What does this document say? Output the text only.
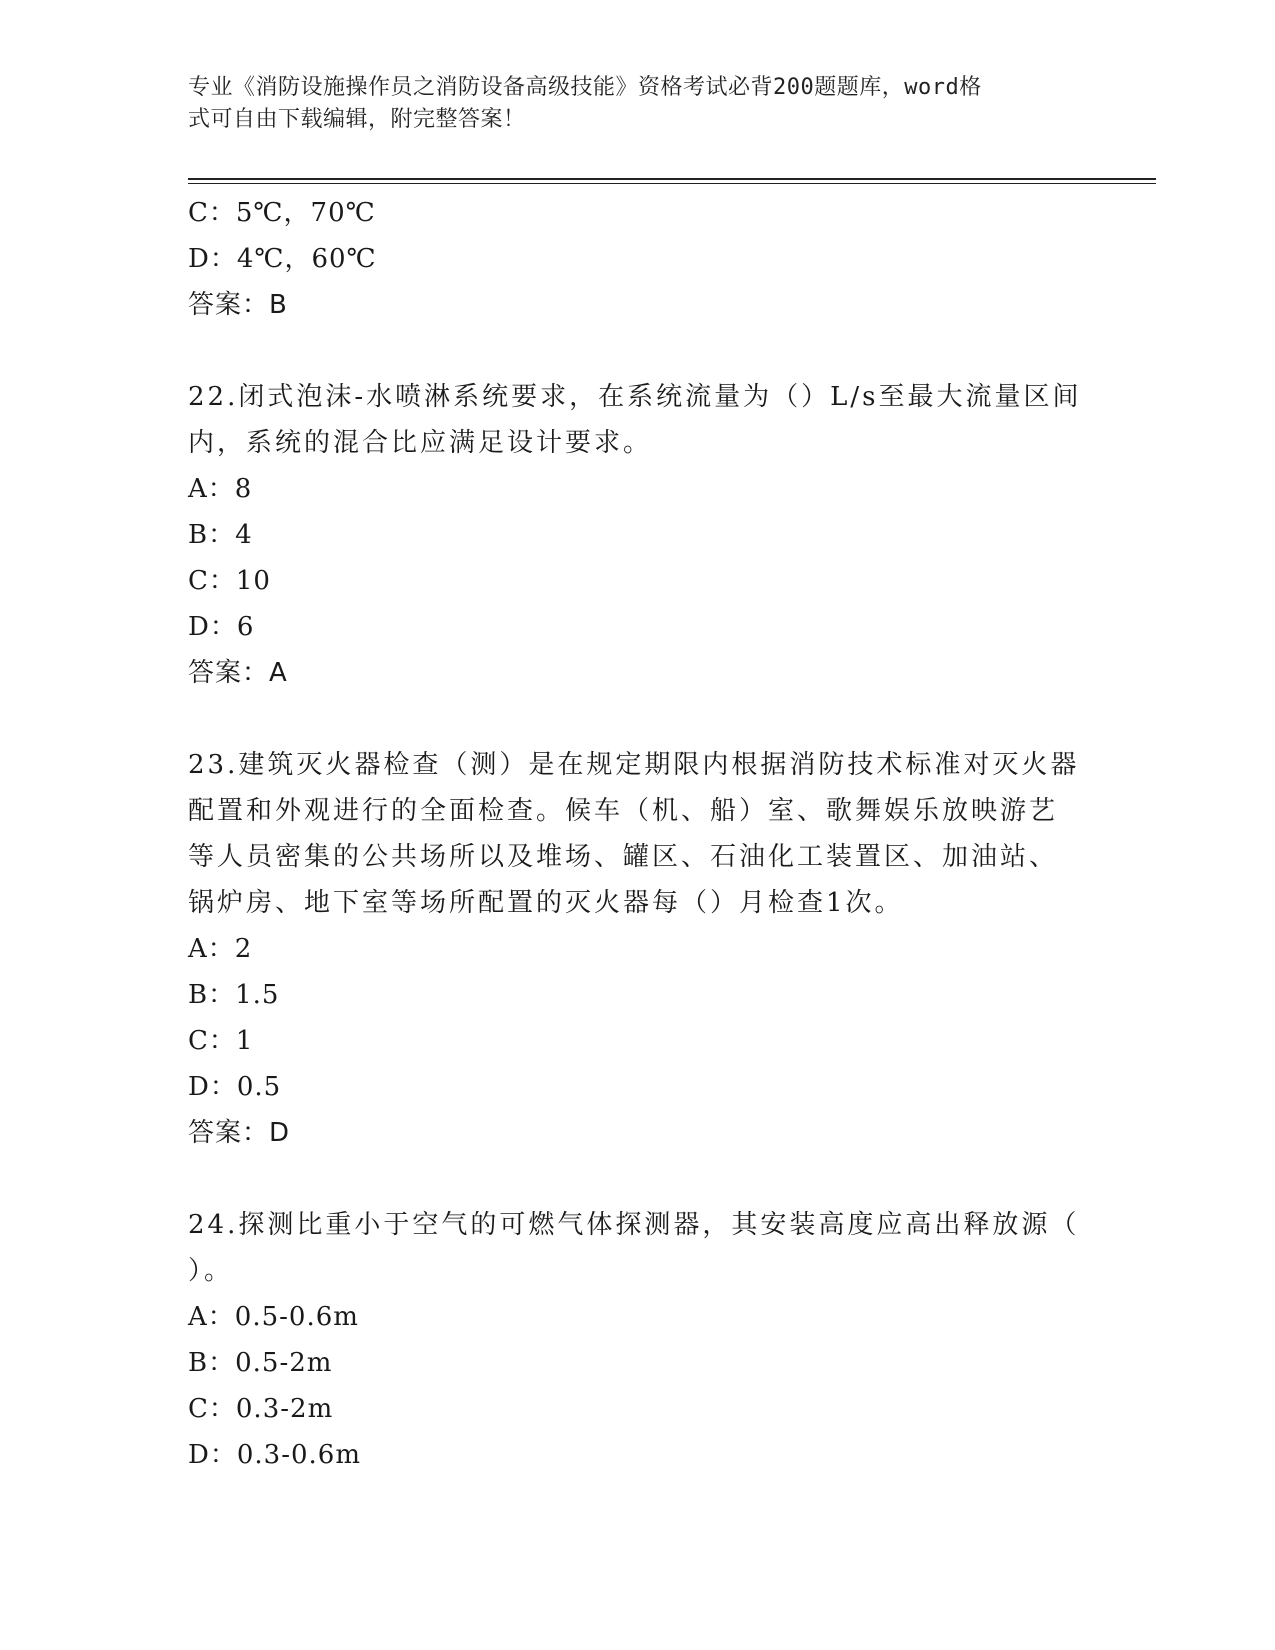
专业《消防设施操作员之消防设备高级技能》资格考试必背200题题库，word格
式可自由下载编辑，附完整答案！
C：5℃，70℃
D：4℃，60℃
答案：B
22.闭式泡沫-水喷淋系统要求，在系统流量为（）L/s至最大流量区间
内，系统的混合比应满足设计要求。
A：8
B：4
C：10
D：6
答案：A
23.建筑灭火器检查（测）是在规定期限内根据消防技术标准对灭火器
配置和外观进行的全面检查。候车（机、船）室、歌舞娱乐放映游艺
等人员密集的公共场所以及堆场、罐区、石油化工装置区、加油站、
锅炉房、地下室等场所配置的灭火器每（）月检查1次。
A：2
B：1.5
C：1
D：0.5
答案：D
24.探测比重小于空气的可燃气体探测器，其安装高度应高出释放源（
）。
A：0.5-0.6m
B：0.5-2m
C：0.3-2m
D：0.3-0.6m
